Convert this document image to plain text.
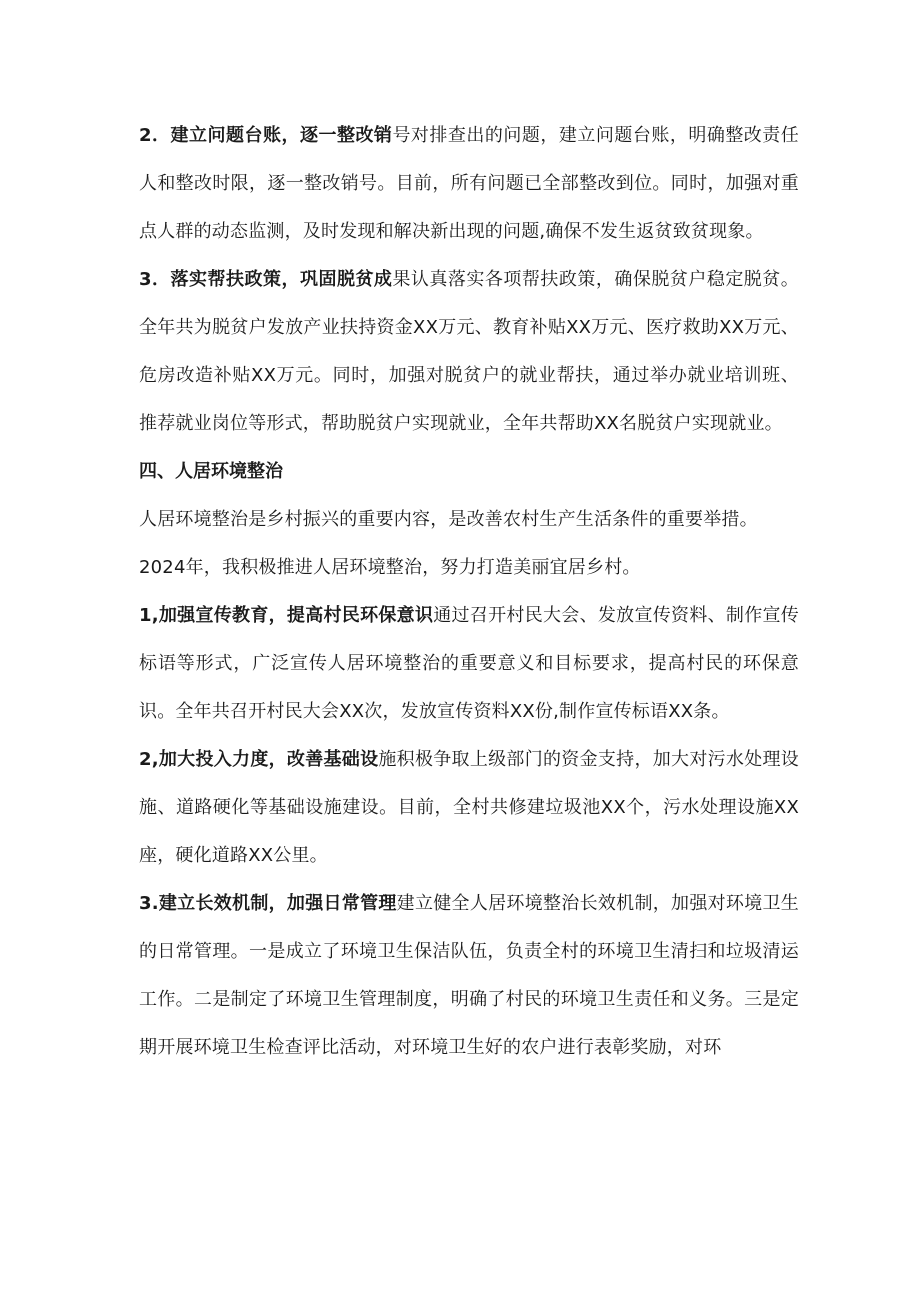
2．建立问题台账，逐一整改销号对排查出的问题，建立问题台账，明确整改责任人和整改时限，逐一整改销号。目前，所有问题已全部整改到位。同时，加强对重点人群的动态监测，及时发现和解决新出现的问题,确保不发生返贫致贫现象。

3．落实帮扶政策，巩固脱贫成果认真落实各项帮扶政策，确保脱贫户稳定脱贫。全年共为脱贫户发放产业扶持资金XX万元、教育补贴XX万元、医疗救助XX万元、危房改造补贴XX万元。同时，加强对脱贫户的就业帮扶，通过举办就业培训班、推荐就业岗位等形式，帮助脱贫户实现就业，全年共帮助XX名脱贫户实现就业。

四、人居环境整治

人居环境整治是乡村振兴的重要内容，是改善农村生产生活条件的重要举措。

2024年，我积极推进人居环境整治，努力打造美丽宜居乡村。

1,加强宣传教育，提高村民环保意识通过召开村民大会、发放宣传资料、制作宣传标语等形式，广泛宣传人居环境整治的重要意义和目标要求，提高村民的环保意识。全年共召开村民大会XX次，发放宣传资料XX份,制作宣传标语XX条。

2,加大投入力度，改善基础设施积极争取上级部门的资金支持，加大对污水处理设施、道路硬化等基础设施建设。目前，全村共修建垃圾池XX个，污水处理设施XX座，硬化道路XX公里。

3.建立长效机制，加强日常管理建立健全人居环境整治长效机制，加强对环境卫生的日常管理。一是成立了环境卫生保洁队伍，负责全村的环境卫生清扫和垃圾清运工作。二是制定了环境卫生管理制度，明确了村民的环境卫生责任和义务。三是定期开展环境卫生检查评比活动，对环境卫生好的农户进行表彰奖励，对环
